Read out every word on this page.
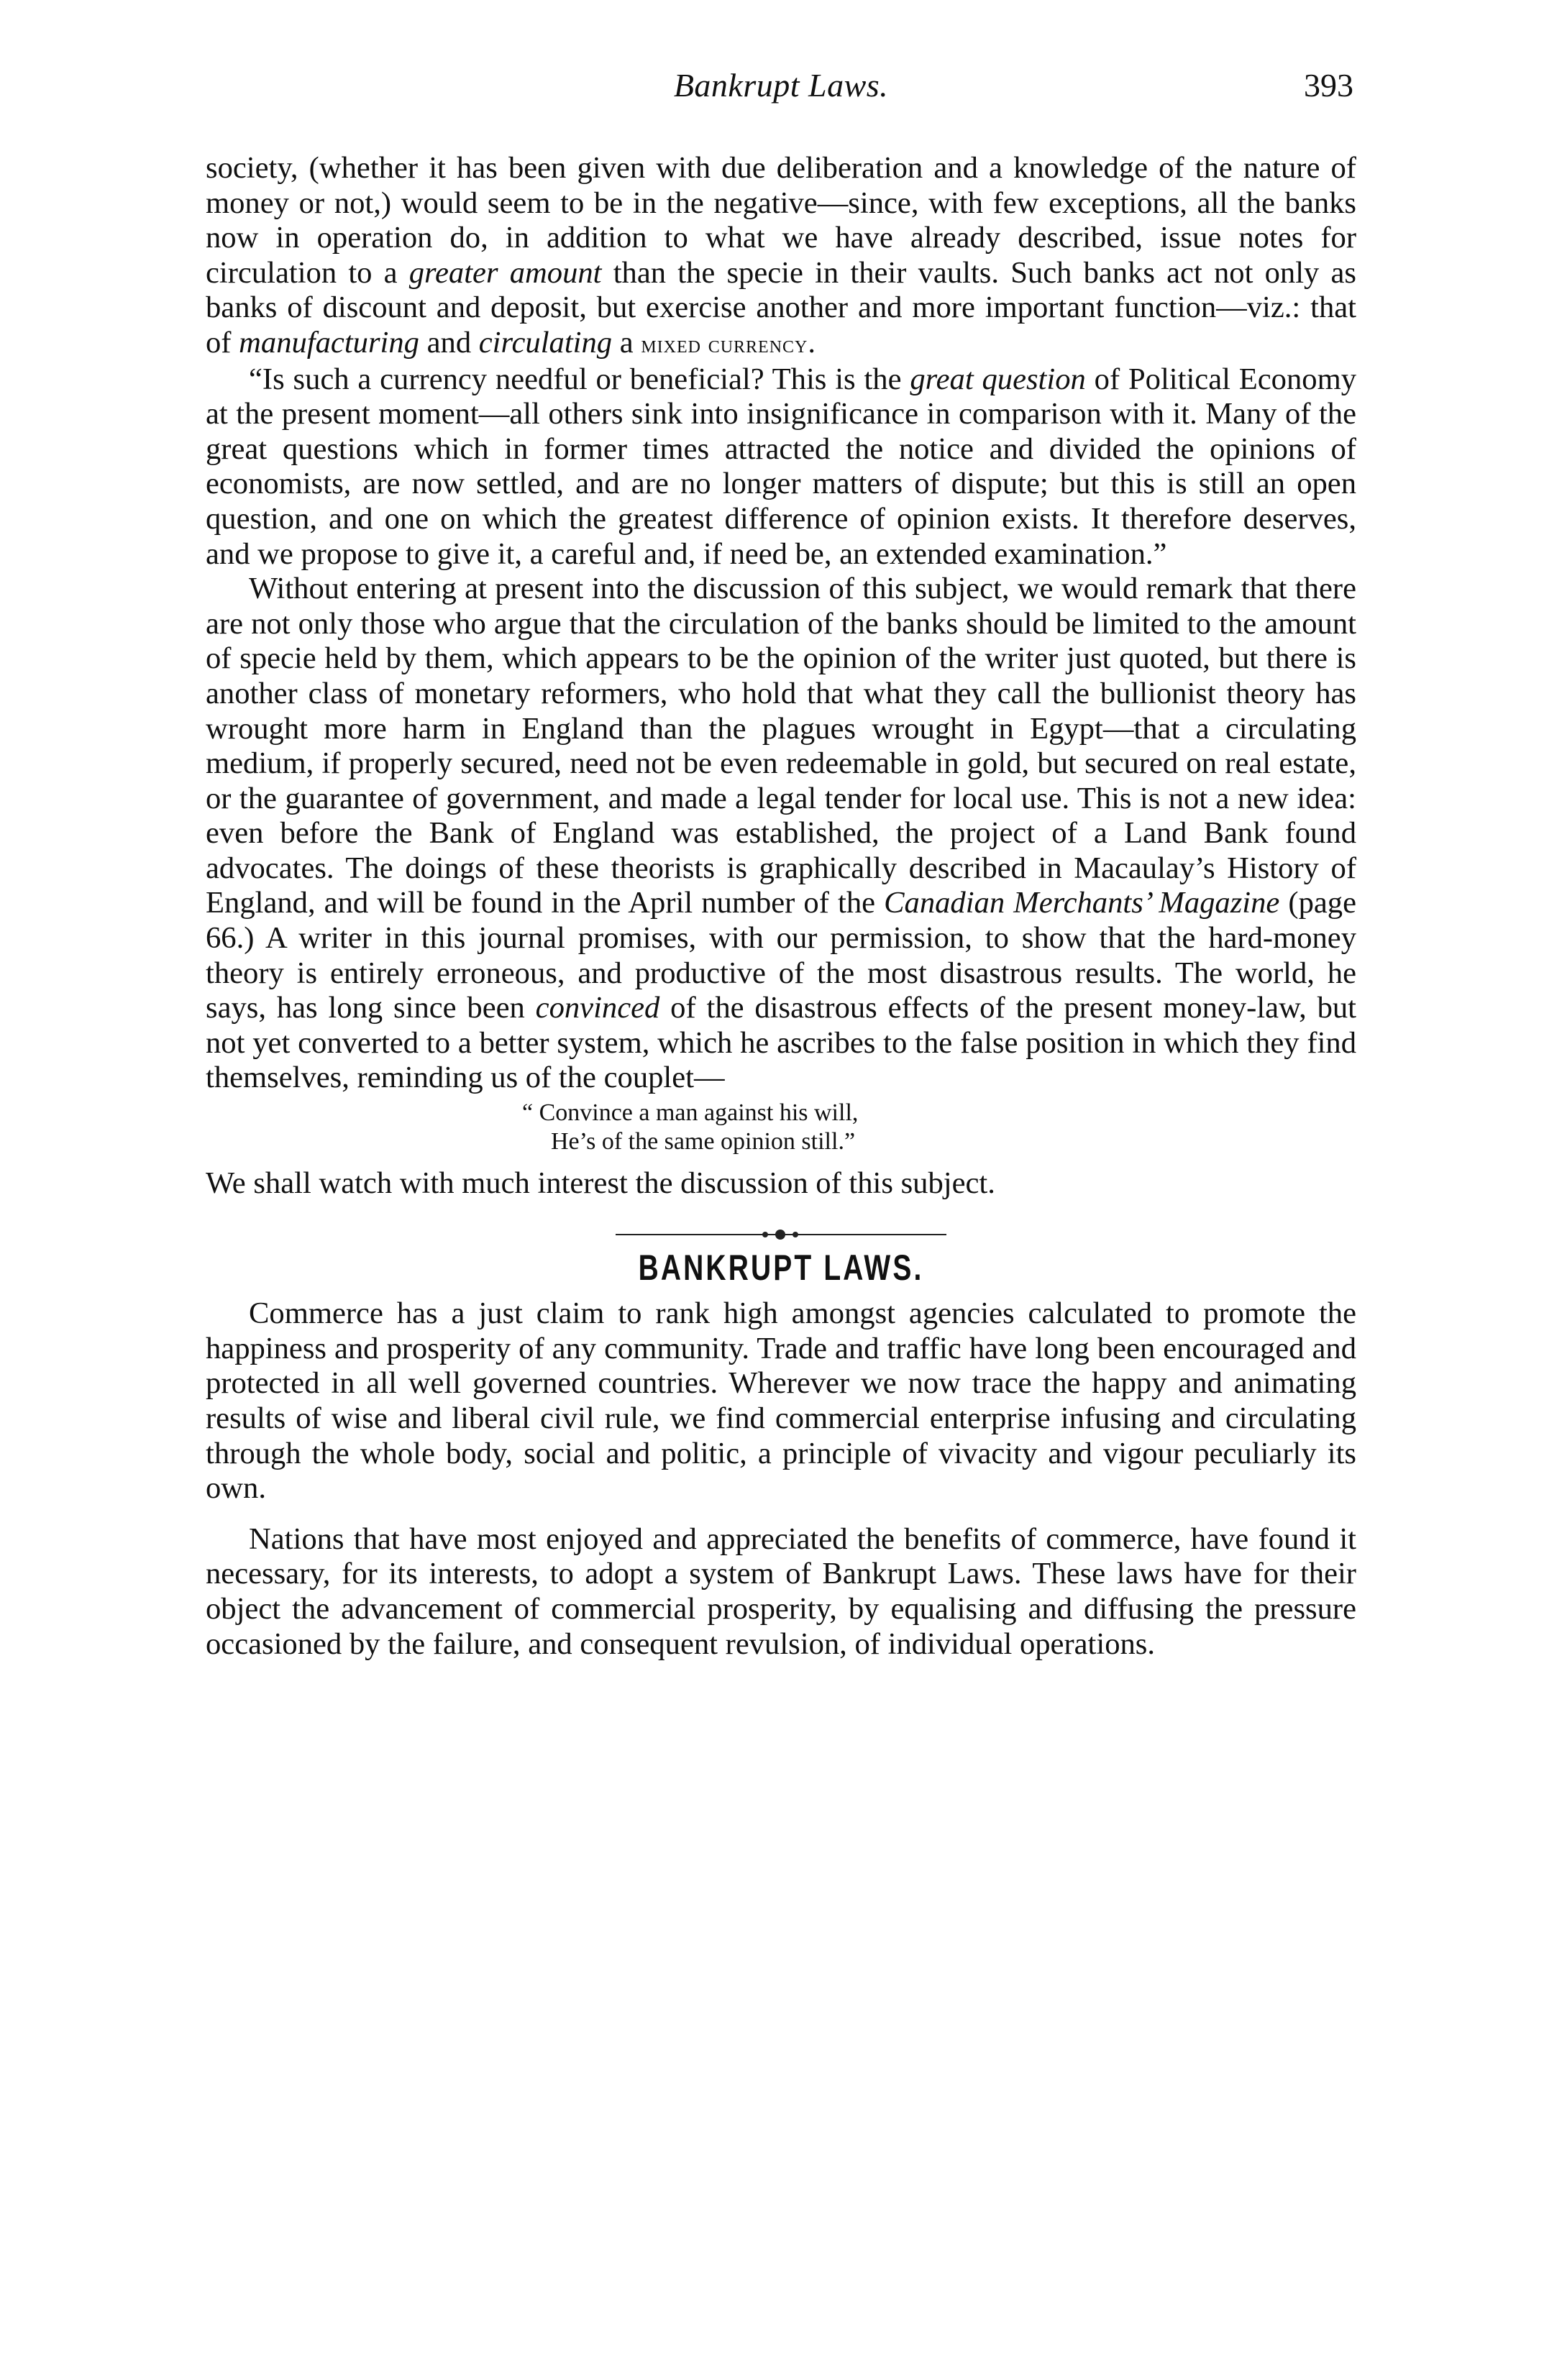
Bankrupt Laws.	393

society, (whether it has been given with due deliberation and a knowledge of the nature of money or not,) would seem to be in the negative—since, with few exceptions, all the banks now in operation do, in addition to what we have already described, issue notes for circulation to a greater amount than the specie in their vaults. Such banks act not only as banks of discount and deposit, but exercise another and more important function—viz.: that of manufacturing and circulating a mixed currency.

“Is such a currency needful or beneficial? This is the great question of Political Economy at the present moment—all others sink into insignificance in comparison with it. Many of the great questions which in former times attracted the notice and divided the opinions of economists, are now settled, and are no longer matters of dispute; but this is still an open question, and one on which the greatest difference of opinion exists. It therefore deserves, and we propose to give it, a careful and, if need be, an extended examination.”

Without entering at present into the discussion of this subject, we would remark that there are not only those who argue that the circulation of the banks should be limited to the amount of specie held by them, which appears to be the opinion of the writer just quoted, but there is another class of monetary reformers, who hold that what they call the bullionist theory has wrought more harm in England than the plagues wrought in Egypt—that a circulating medium, if properly secured, need not be even redeemable in gold, but secured on real estate, or the guarantee of government, and made a legal tender for local use. This is not a new idea: even before the Bank of England was established, the project of a Land Bank found advocates. The doings of these theorists is graphically described in Macaulay’s History of England, and will be found in the April number of the Canadian Merchants’ Magazine (page 66.) A writer in this journal promises, with our permission, to show that the hard-money theory is entirely erroneous, and productive of the most disastrous results. The world, he says, has long since been convinced of the disastrous effects of the present money-law, but not yet converted to a better system, which he ascribes to the false position in which they find themselves, reminding us of the couplet—

“ Convince a man against his will,
He’s of the same opinion still.”

We shall watch with much interest the discussion of this subject.

BANKRUPT LAWS.

Commerce has a just claim to rank high amongst agencies calculated to promote the happiness and prosperity of any community. Trade and traffic have long been encouraged and protected in all well governed countries. Wherever we now trace the happy and animating results of wise and liberal civil rule, we find commercial enterprise infusing and circulating through the whole body, social and politic, a principle of vivacity and vigour peculiarly its own.

Nations that have most enjoyed and appreciated the benefits of commerce, have found it necessary, for its interests, to adopt a system of Bankrupt Laws. These laws have for their object the advancement of commercial prosperity, by equalising and diffusing the pressure occasioned by the failure, and consequent revulsion, of individual operations.
